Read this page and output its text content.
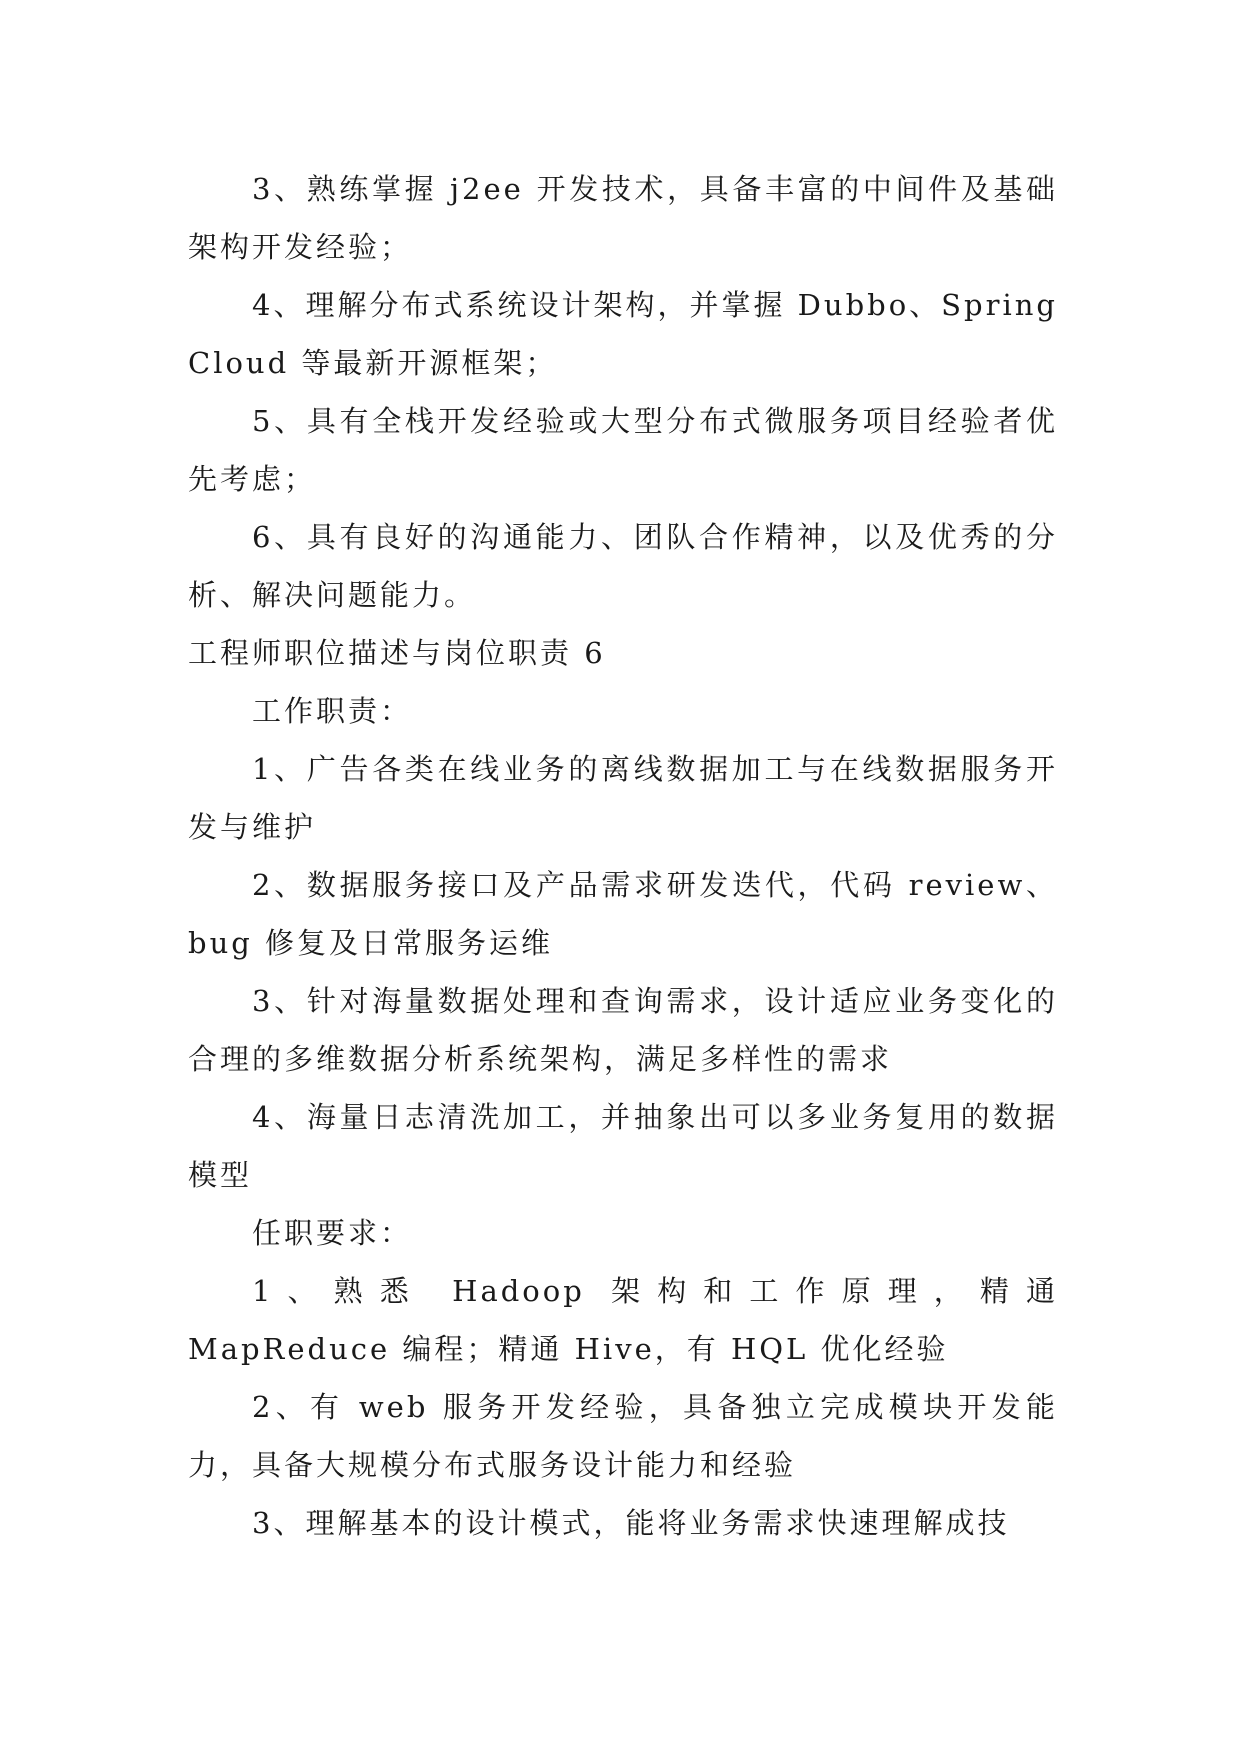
3、熟练掌握 j2ee 开发技术，具备丰富的中间件及基础架构开发经验；

4、理解分布式系统设计架构，并掌握 Dubbo、Spring Cloud 等最新开源框架；

5、具有全栈开发经验或大型分布式微服务项目经验者优先考虑；

6、具有良好的沟通能力、团队合作精神，以及优秀的分析、解决问题能力。

工程师职位描述与岗位职责 6

工作职责：

1、广告各类在线业务的离线数据加工与在线数据服务开发与维护

2、数据服务接口及产品需求研发迭代，代码 review、bug 修复及日常服务运维

3、针对海量数据处理和查询需求，设计适应业务变化的合理的多维数据分析系统架构，满足多样性的需求

4、海量日志清洗加工，并抽象出可以多业务复用的数据模型

任职要求：

1、熟悉 Hadoop 架构和工作原理，精通 MapReduce 编程；精通 Hive，有 HQL 优化经验

2、有 web 服务开发经验，具备独立完成模块开发能力，具备大规模分布式服务设计能力和经验

3、理解基本的设计模式，能将业务需求快速理解成技
